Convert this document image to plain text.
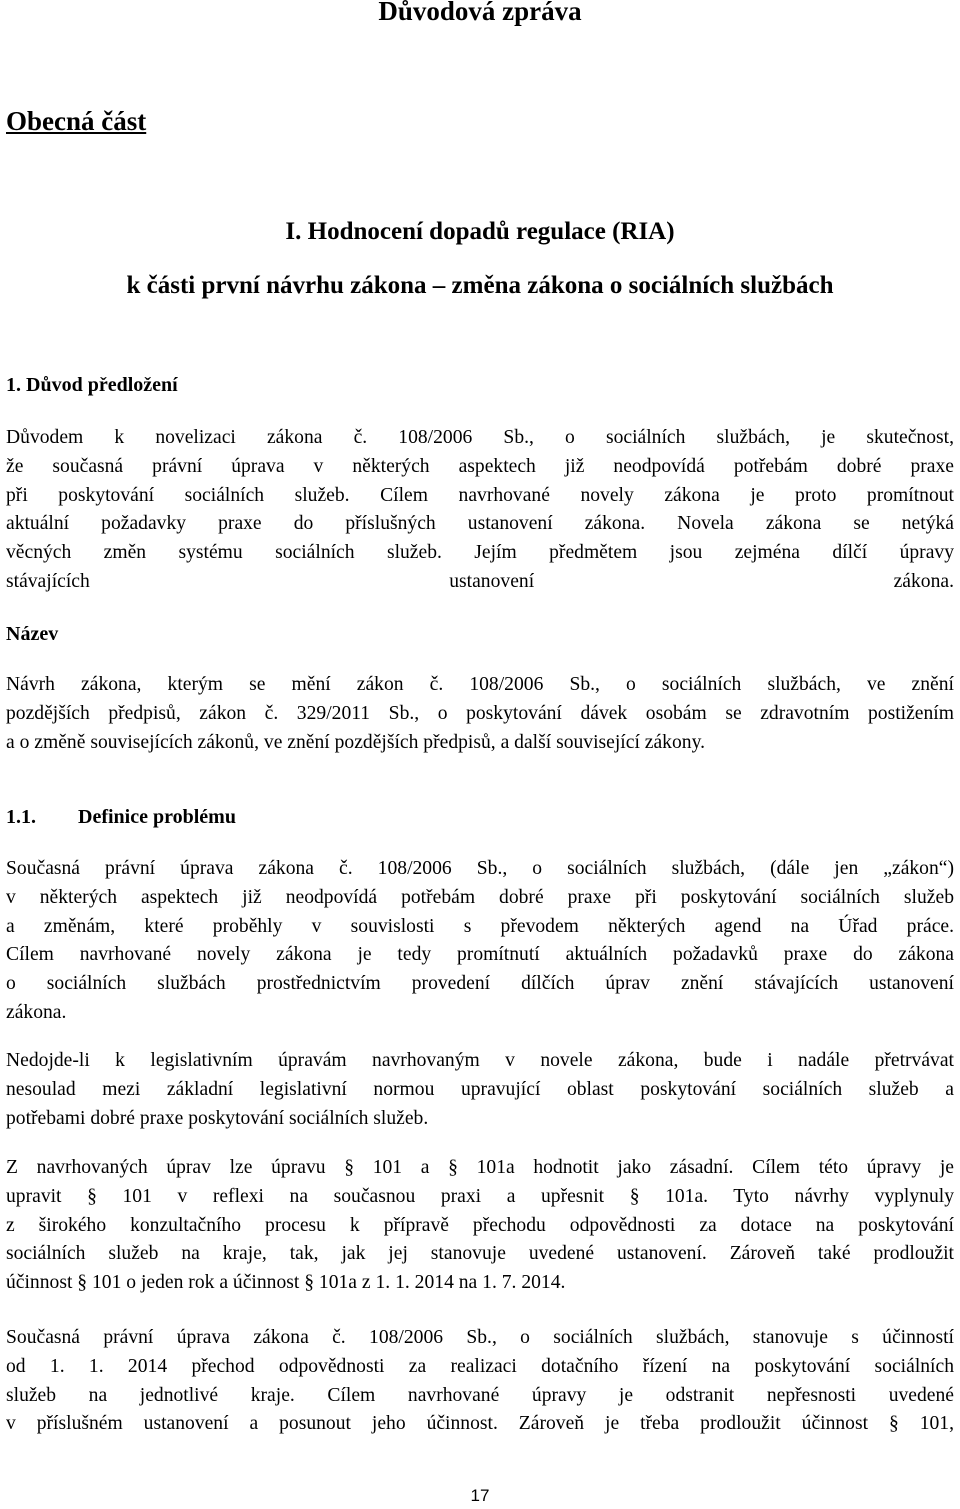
Důvodová zpráva

Obecná část

I. Hodnocení dopadů regulace (RIA)

k části první návrhu zákona – změna zákona o sociálních službách

1. Důvod předložení

Důvodem k novelizaci zákona č. 108/2006 Sb., o sociálních službách, je skutečnost,
že současná právní úprava v některých aspektech již neodpovídá potřebám dobré praxe
při poskytování sociálních služeb. Cílem navrhované novely zákona je proto promítnout
aktuální požadavky praxe do příslušných ustanovení zákona. Novela zákona se netýká
věcných změn systému sociálních služeb. Jejím předmětem jsou zejména dílčí úpravy
stávajících ustanovení zákona.

Název

Návrh zákona, kterým se mění zákon č. 108/2006 Sb., o sociálních službách, ve znění
pozdějších předpisů, zákon č. 329/2011 Sb., o poskytování dávek osobám se zdravotním postižením
a o změně souvisejících zákonů, ve znění pozdějších předpisů, a další související zákony.

1.1. Definice problému

Současná právní úprava zákona č. 108/2006 Sb., o sociálních službách, (dále jen „zákon“)
v některých aspektech již neodpovídá potřebám dobré praxe při poskytování sociálních služeb
a změnám, které proběhly v souvislosti s převodem některých agend na Úřad práce.
Cílem navrhované novely zákona je tedy promítnutí aktuálních požadavků praxe do zákona
o sociálních službách prostřednictvím provedení dílčích úprav znění stávajících ustanovení
zákona.
Nedojde-li k legislativním úpravám navrhovaným v novele zákona, bude i nadále přetrvávat
nesoulad mezi základní legislativní normou upravující oblast poskytování sociálních služeb a
potřebami dobré praxe poskytování sociálních služeb.
Z navrhovaných úprav lze úpravu § 101 a § 101a hodnotit jako zásadní. Cílem této úpravy je
upravit § 101 v reflexi na současnou praxi a upřesnit § 101a. Tyto návrhy vyplynuly
z širokého konzultačního procesu k přípravě přechodu odpovědnosti za dotace na poskytování
sociálních služeb na kraje, tak, jak jej stanovuje uvedené ustanovení. Zároveň také prodloužit
účinnost § 101 o jeden rok a účinnost § 101a z 1. 1. 2014 na 1. 7. 2014.
Současná právní úprava zákona č. 108/2006 Sb., o sociálních službách, stanovuje s účinností
od 1. 1. 2014 přechod odpovědnosti za realizaci dotačního řízení na poskytování sociálních
služeb na jednotlivé kraje. Cílem navrhované úpravy je odstranit nepřesnosti uvedené
v příslušném ustanovení a posunout jeho účinnost. Zároveň je třeba prodloužit účinnost § 101,

17
